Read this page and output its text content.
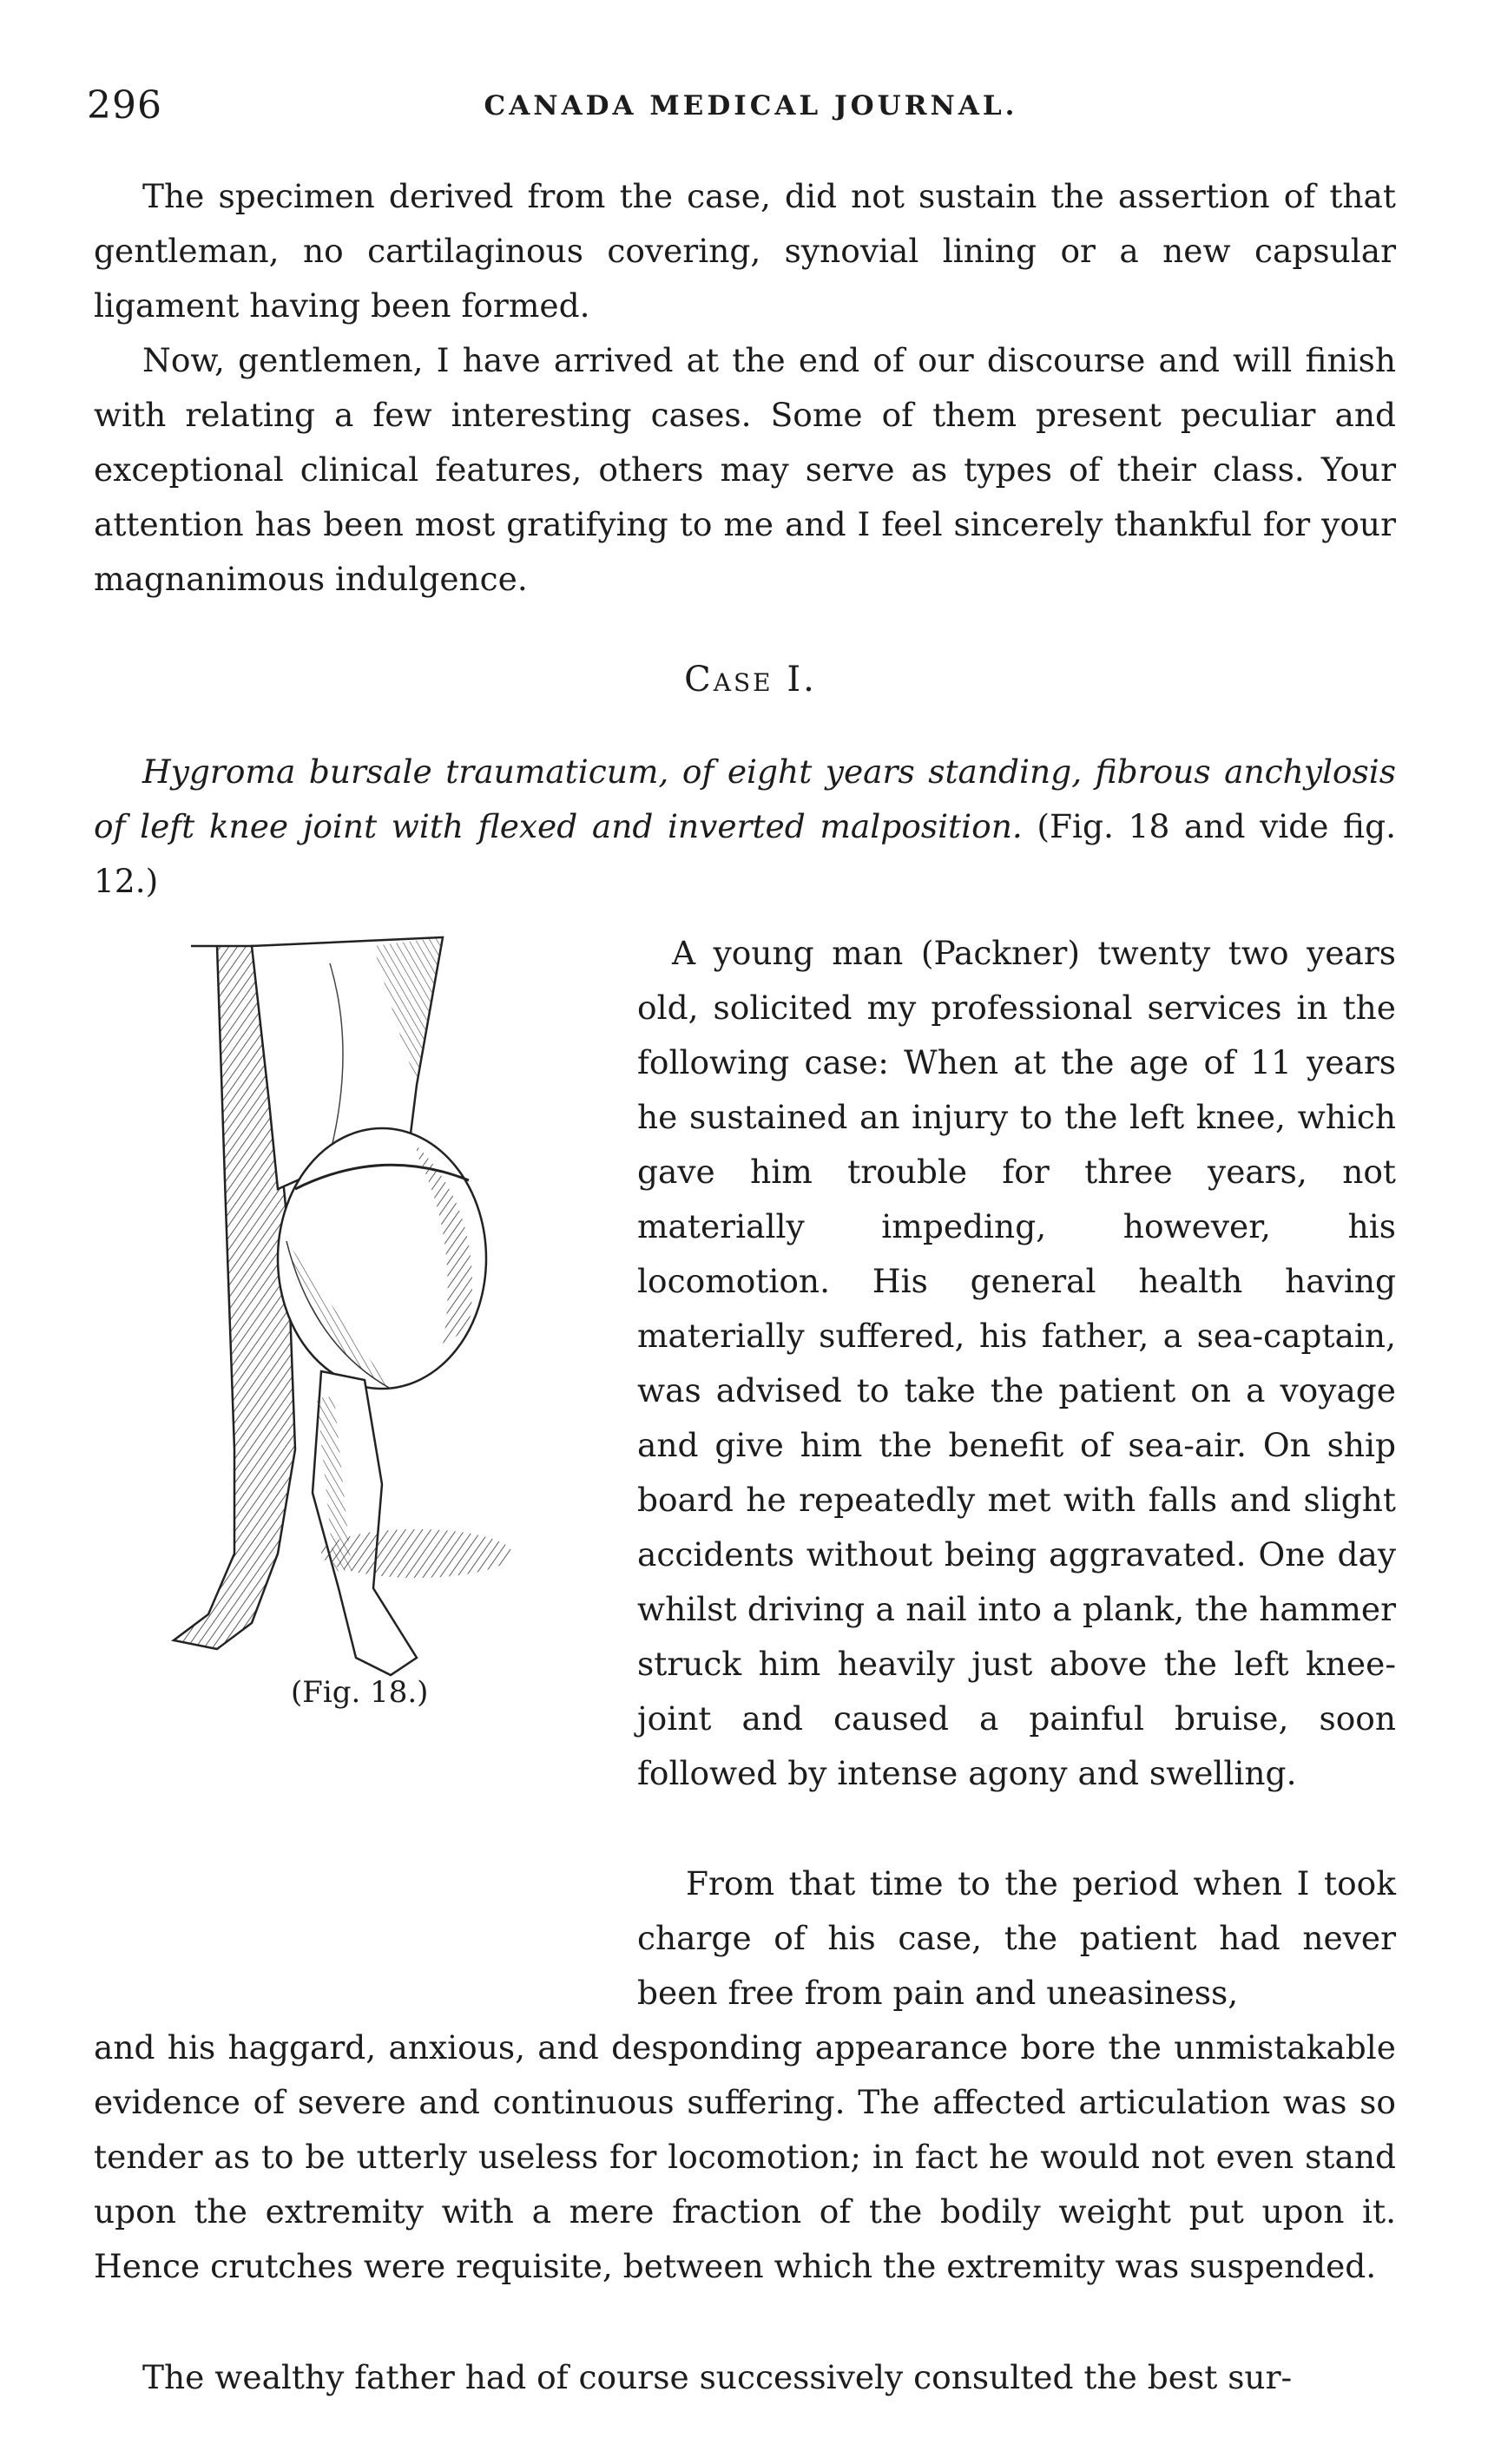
296	CANADA MEDICAL JOURNAL.

The specimen derived from the case, did not sustain the assertion of that gentleman, no cartilaginous covering, synovial lining or a new capsular ligament having been formed.

Now, gentlemen, I have arrived at the end of our discourse and will finish with relating a few interesting cases. Some of them present peculiar and exceptional clinical features, others may serve as types of their class. Your attention has been most gratifying to me and I feel sincerely thankful for your magnanimous indulgence.

Case I.

Hygroma bursale traumaticum, of eight years standing, fibrous anchylosis of left knee joint with flexed and inverted malposition. (Fig. 18 and vide fig. 12.)

(Fig. 18.)

A young man (Packner) twenty two years old, solicited my professional services in the following case: When at the age of 11 years he sustained an injury to the left knee, which gave him trouble for three years, not materially impeding, however, his locomotion. His general health having materially suffered, his father, a sea-captain, was advised to take the patient on a voyage and give him the benefit of sea-air. On ship board he repeatedly met with falls and slight accidents without being aggravated. One day whilst driving a nail into a plank, the hammer struck him heavily just above the left knee-joint and caused a painful bruise, soon followed by intense agony and swelling.

From that time to the period when I took charge of his case, the patient had never been free from pain and uneasiness,

and his haggard, anxious, and desponding appearance bore the unmistakable evidence of severe and continuous suffering. The affected articulation was so tender as to be utterly useless for locomotion; in fact he would not even stand upon the extremity with a mere fraction of the bodily weight put upon it. Hence crutches were requisite, between which the extremity was suspended.

The wealthy father had of course successively consulted the best sur-
